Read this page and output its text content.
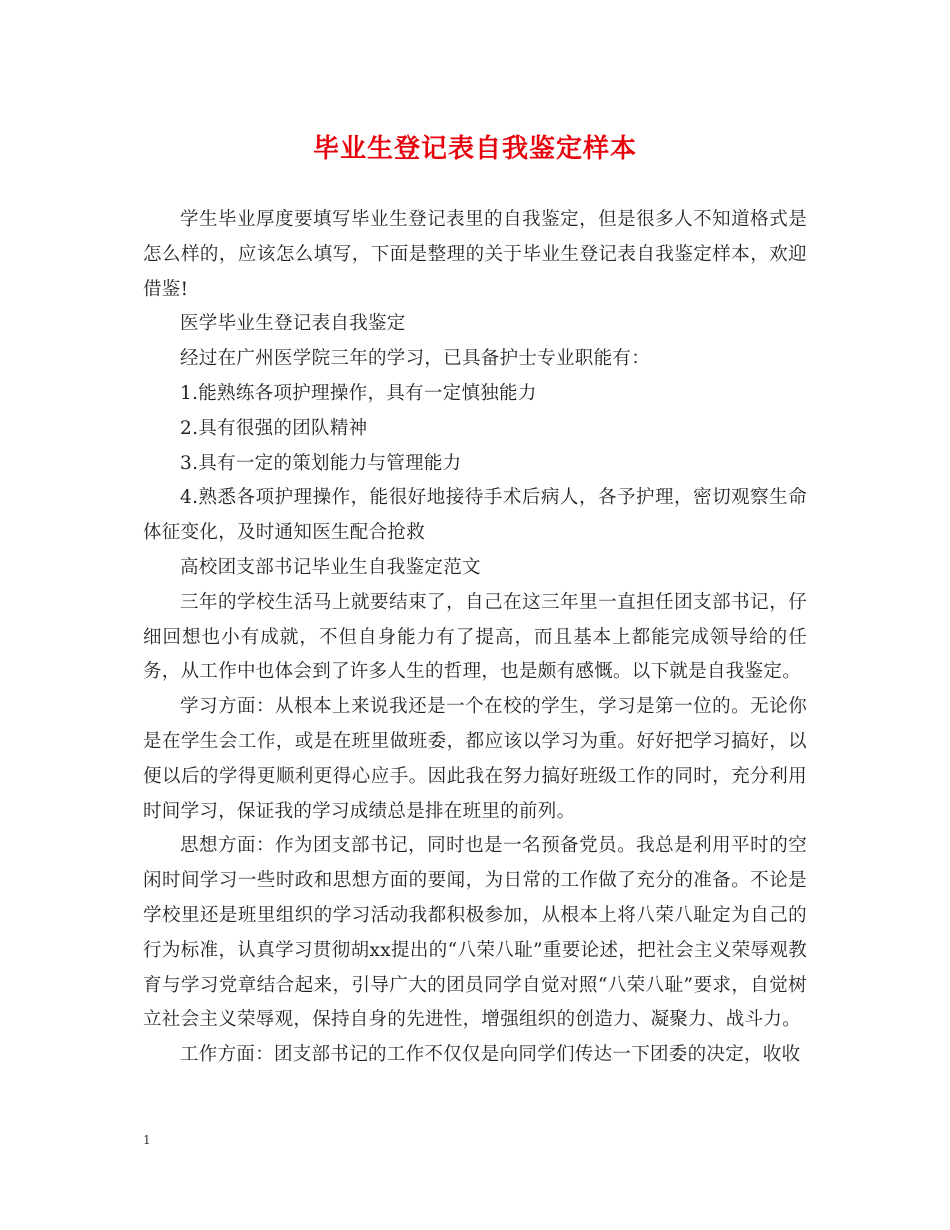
毕业生登记表自我鉴定样本

学生毕业厚度要填写毕业生登记表里的自我鉴定，但是很多人不知道格式是怎么样的，应该怎么填写，下面是整理的关于毕业生登记表自我鉴定样本，欢迎借鉴!

医学毕业生登记表自我鉴定

经过在广州医学院三年的学习，已具备护士专业职能有：

1.能熟练各项护理操作，具有一定慎独能力

2.具有很强的团队精神

3.具有一定的策划能力与管理能力

4.熟悉各项护理操作，能很好地接待手术后病人，各予护理，密切观察生命体征变化，及时通知医生配合抢救

高校团支部书记毕业生自我鉴定范文

三年的学校生活马上就要结束了，自己在这三年里一直担任团支部书记，仔细回想也小有成就，不但自身能力有了提高，而且基本上都能完成领导给的任务，从工作中也体会到了许多人生的哲理，也是颇有感慨。以下就是自我鉴定。

学习方面：从根本上来说我还是一个在校的学生，学习是第一位的。无论你是在学生会工作，或是在班里做班委，都应该以学习为重。好好把学习搞好，以便以后的学得更顺利更得心应手。因此我在努力搞好班级工作的同时，充分利用时间学习，保证我的学习成绩总是排在班里的前列。

思想方面：作为团支部书记，同时也是一名预备党员。我总是利用平时的空闲时间学习一些时政和思想方面的要闻，为日常的工作做了充分的准备。不论是学校里还是班里组织的学习活动我都积极参加，从根本上将八荣八耻定为自己的行为标准，认真学习贯彻胡xx提出的“八荣八耻”重要论述，把社会主义荣辱观教育与学习党章结合起来，引导广大的团员同学自觉对照“八荣八耻”要求，自觉树立社会主义荣辱观，保持自身的先进性，增强组织的创造力、凝聚力、战斗力。

工作方面：团支部书记的工作不仅仅是向同学们传达一下团委的决定，收收

1
